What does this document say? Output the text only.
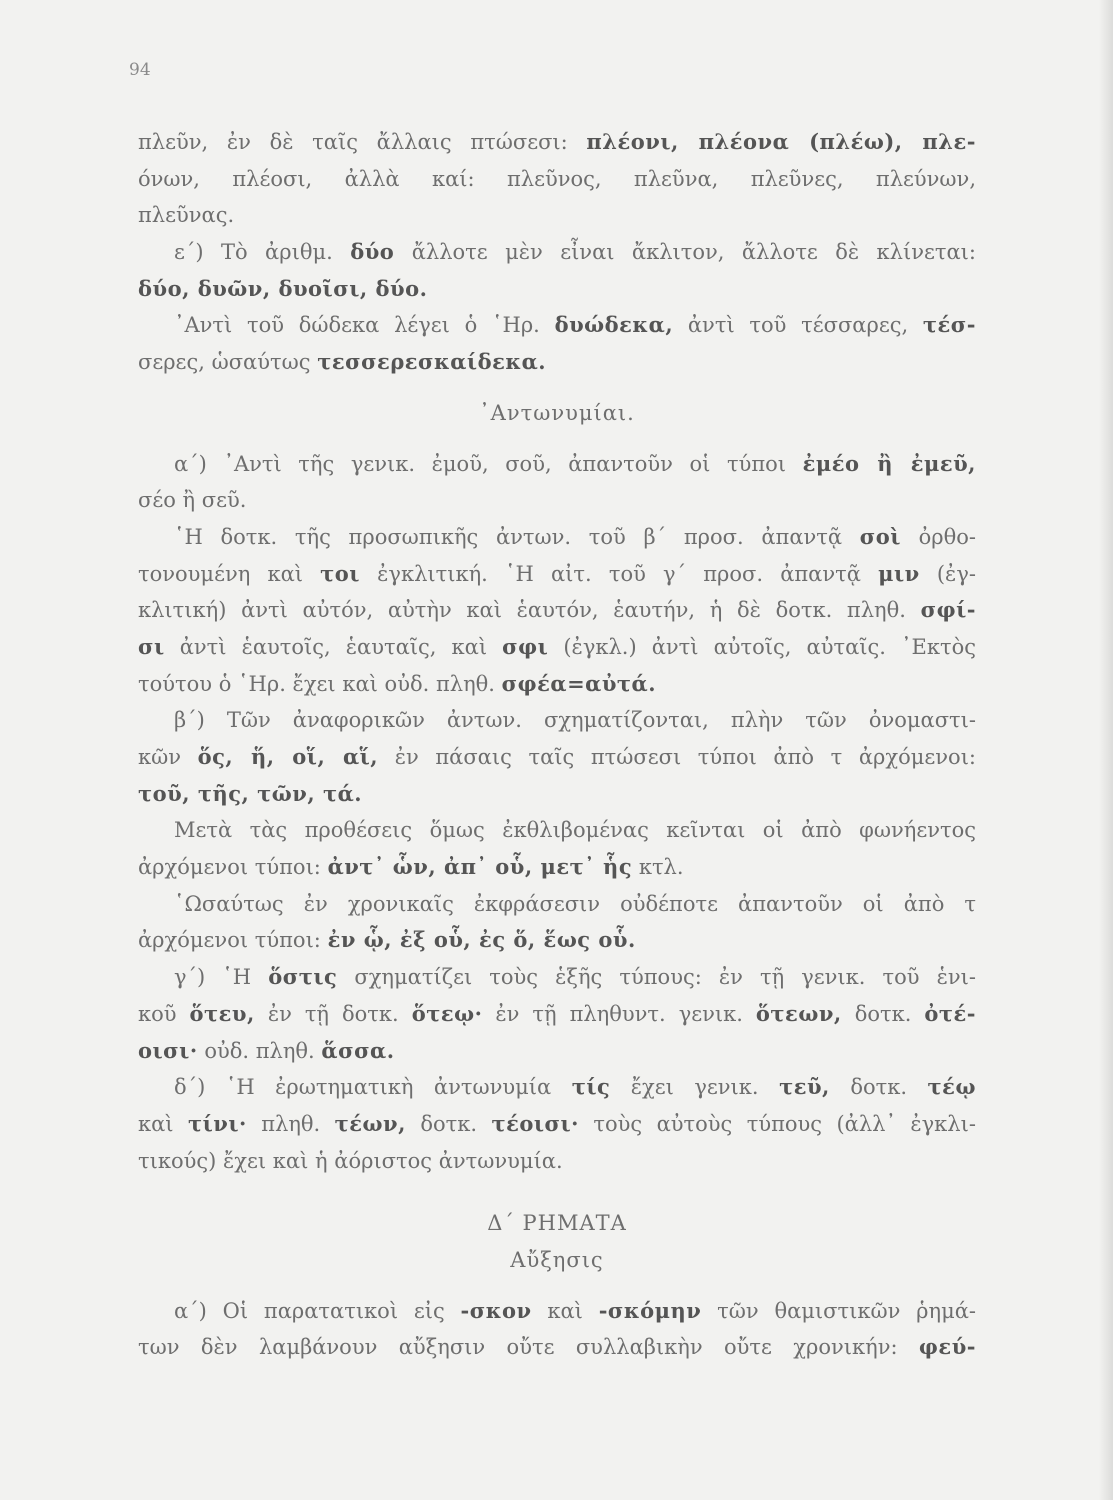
94
πλεῦν, ἐν δὲ ταῖς ἄλλαις πτώσεσι: πλέονι, πλέονα (πλέω), πλε-
όνων, πλέοσι, ἀλλὰ καί: πλεῦνος, πλεῦνα, πλεῦνες, πλεύνων,
πλεῦνας.
ε΄) Τὸ ἀριθμ. δύο ἄλλοτε μὲν εἶναι ἄκλιτον, ἄλλοτε δὲ κλίνεται:
δύο, δυῶν, δυοῖσι, δύο.
᾿Αντὶ τοῦ δώδεκα λέγει ὁ ῾Ηρ. δυώδεκα, ἀντὶ τοῦ τέσσαρες, τέσ-
σερες, ὡσαύτως τεσσερεσκαίδεκα.
᾿Αντωνυμίαι.
α΄) ᾿Αντὶ τῆς γενικ. ἐμοῦ, σοῦ, ἀπαντοῦν οἱ τύποι ἐμέο ἢ ἐμεῦ,
σέο ἢ σεῦ.
῾Η δοτκ. τῆς προσωπικῆς ἀντων. τοῦ β΄ προσ. ἀπαντᾷ σοὶ ὀρθο-
τονουμένη καὶ τοι ἐγκλιτική. ῾Η αἰτ. τοῦ γ΄ προσ. ἀπαντᾷ μιν (ἐγ-
κλιτική) ἀντὶ αὐτόν, αὐτὴν καὶ ἑαυτόν, ἑαυτήν, ἡ δὲ δοτκ. πληθ. σφί-
σι ἀντὶ ἑαυτοῖς, ἑαυταῖς, καὶ σφι (ἐγκλ.) ἀντὶ αὐτοῖς, αὐταῖς. ᾿Εκτὸς
τούτου ὁ ῾Ηρ. ἔχει καὶ οὐδ. πληθ. σφέα=αὐτά.
β΄) Τῶν ἀναφορικῶν ἀντων. σχηματίζονται, πλὴν τῶν ὀνομαστι-
κῶν ὅς, ἥ, οἵ, αἵ, ἐν πάσαις ταῖς πτώσεσι τύποι ἀπὸ τ ἀρχόμενοι:
τοῦ, τῆς, τῶν, τά.
Μετὰ τὰς προθέσεις ὅμως ἐκθλιβομένας κεῖνται οἱ ἀπὸ φωνήεντος
ἀρχόμενοι τύποι: ἀντ᾿ ὧν, ἀπ᾿ οὗ, μετ᾿ ἧς κτλ.
῾Ωσαύτως ἐν χρονικαῖς ἐκφράσεσιν οὐδέποτε ἀπαντοῦν οἱ ἀπὸ τ
ἀρχόμενοι τύποι: ἐν ᾧ, ἐξ οὗ, ἐς ὅ, ἕως οὗ.
γ΄) ῾Η ὅστις σχηματίζει τοὺς ἑξῆς τύπους: ἐν τῇ γενικ. τοῦ ἑνι-
κοῦ ὅτευ, ἐν τῇ δοτκ. ὅτεῳ· ἐν τῇ πληθυντ. γενικ. ὅτεων, δοτκ. ὀτέ-
οισι· οὐδ. πληθ. ἅσσα.
δ΄) ῾Η ἐρωτηματικὴ ἀντωνυμία τίς ἔχει γενικ. τεῦ, δοτκ. τέῳ
καὶ τίνι· πληθ. τέων, δοτκ. τέοισι· τοὺς αὐτοὺς τύπους (ἀλλ᾿ ἐγκλι-
τικούς) ἔχει καὶ ἡ ἀόριστος ἀντωνυμία.
Δ΄ ΡΗΜΑΤΑ
Αὔξησις
α΄) Οἱ παρατατικοὶ εἰς -σκον καὶ -σκόμην τῶν θαμιστικῶν ῥημά-
των δὲν λαμβάνουν αὔξησιν οὔτε συλλαβικὴν οὔτε χρονικήν: φεύ-
